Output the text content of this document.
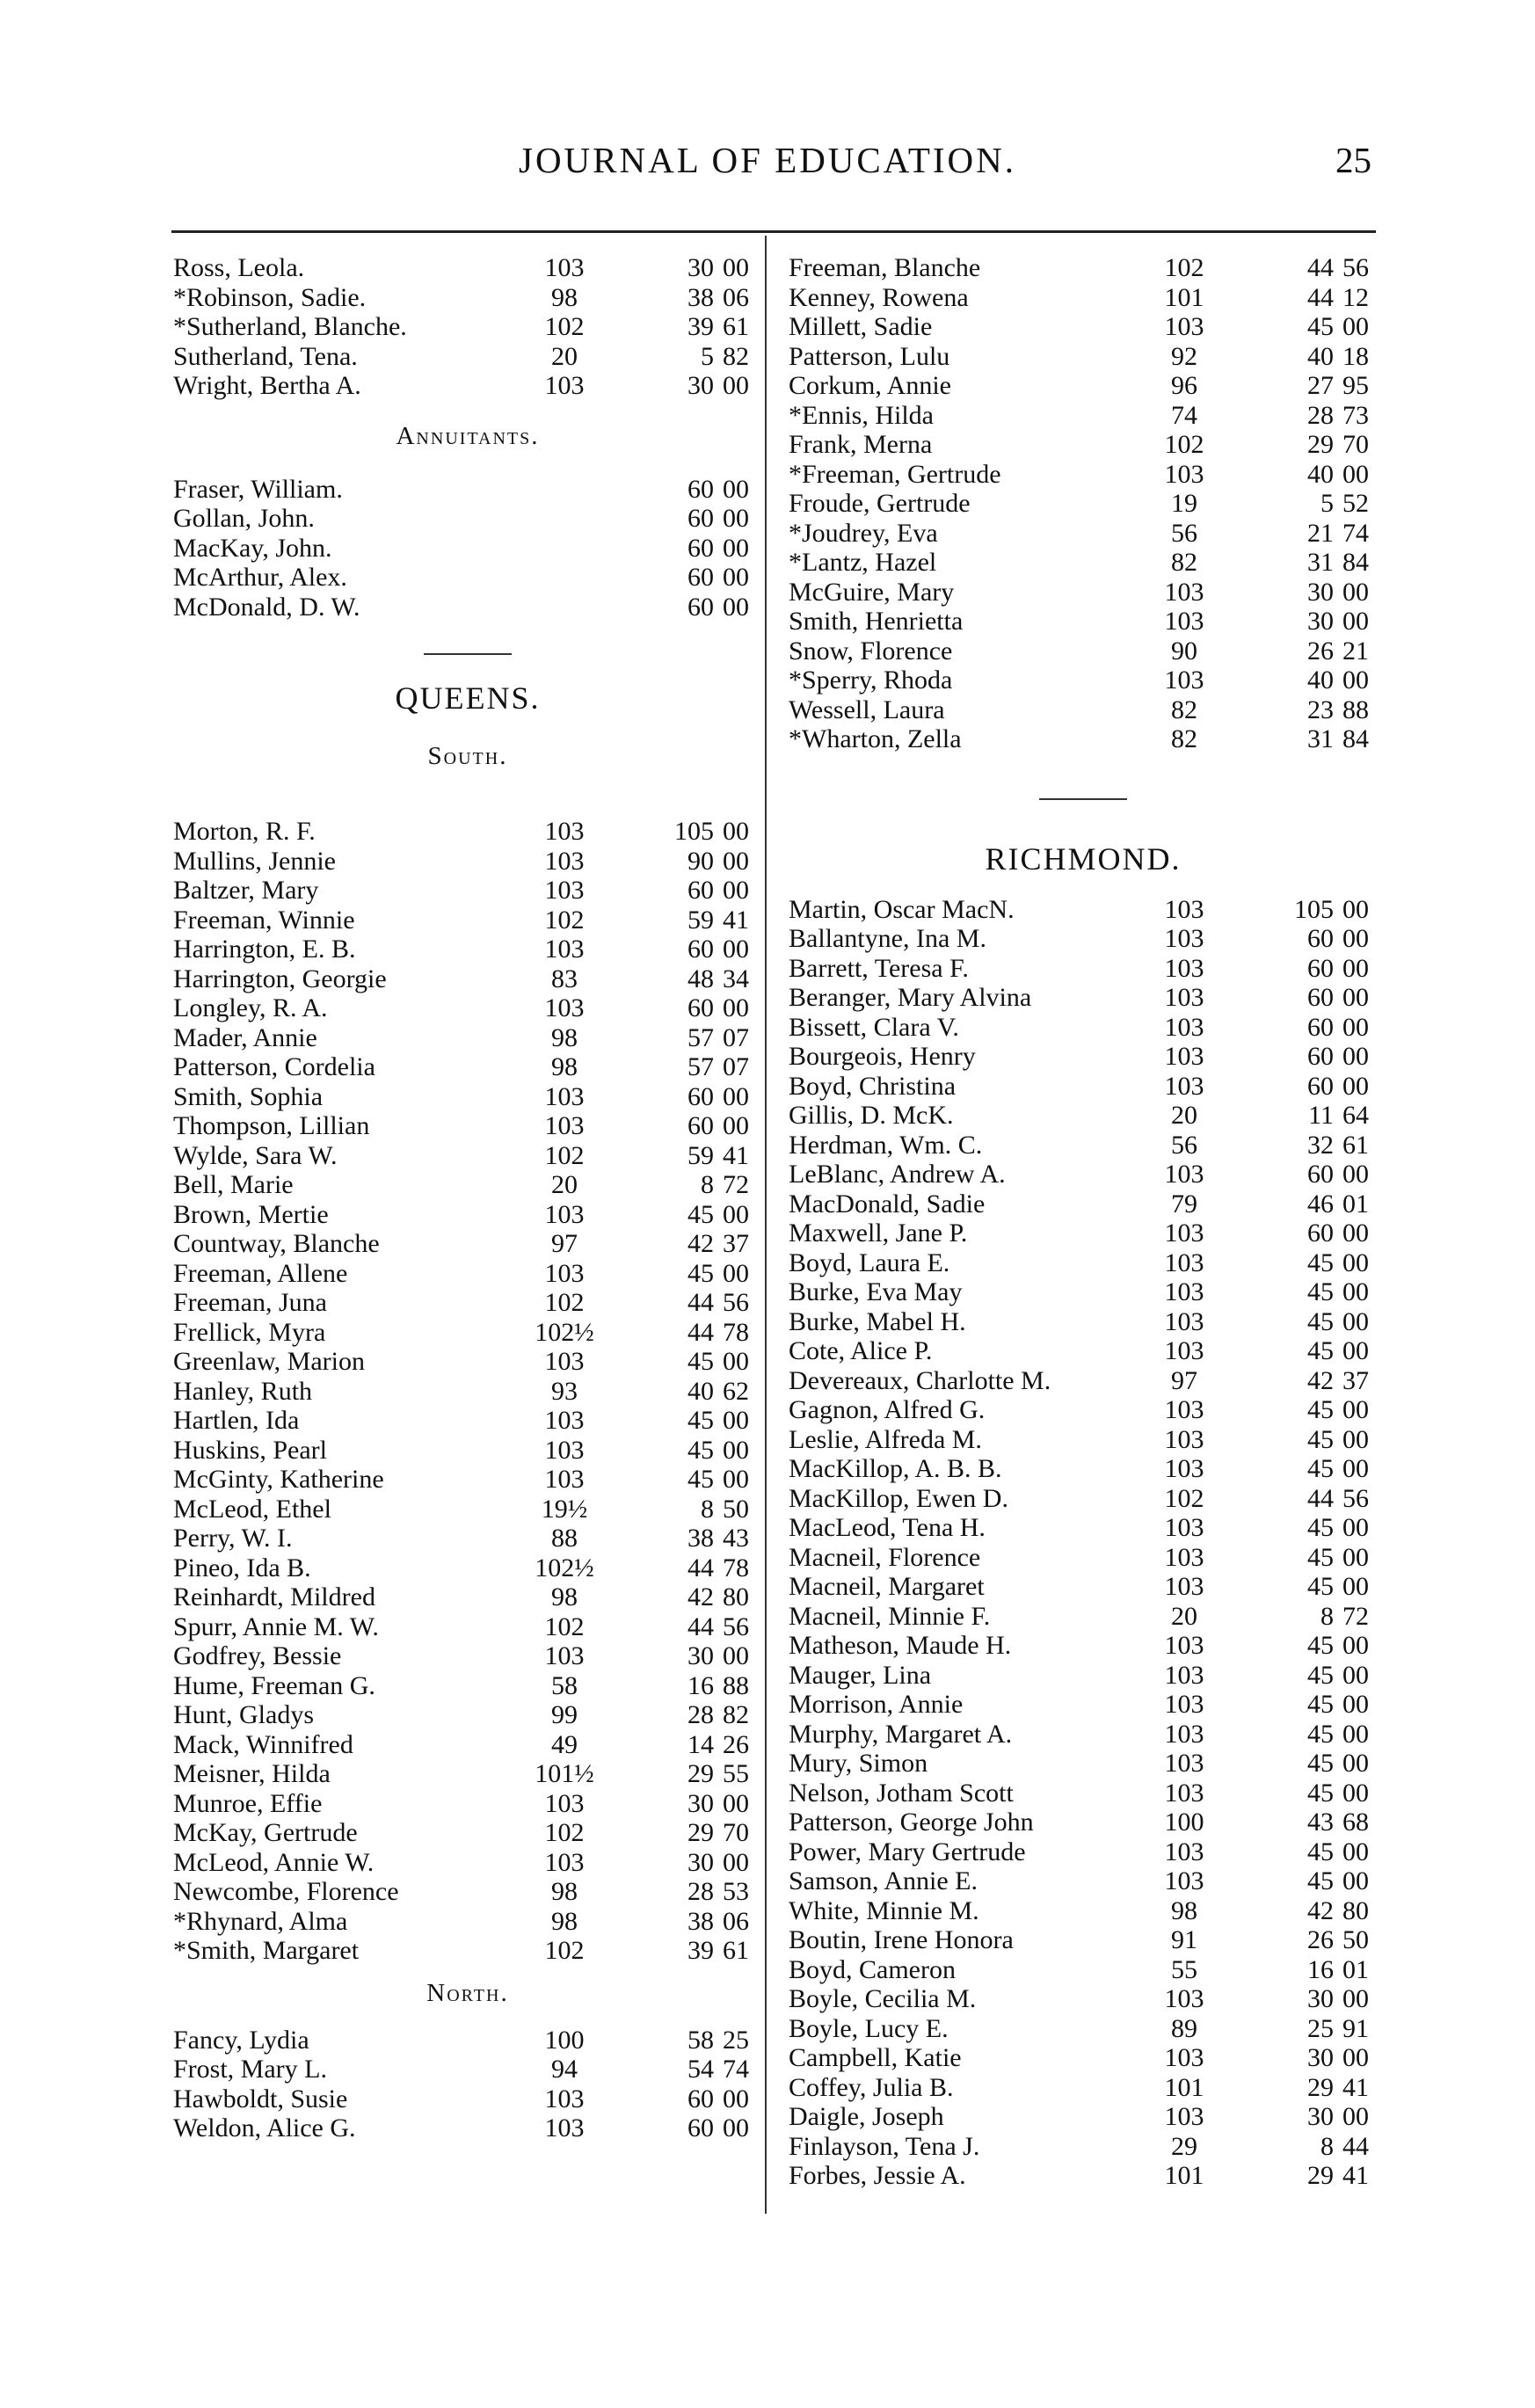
JOURNAL OF EDUCATION.	25
Ross, Leola.	103	30 00
*Robinson, Sadie.	98	38 06
*Sutherland, Blanche.	102	39 61
Sutherland, Tena.	20	5 82
Wright, Bertha A.	103	30 00
Annuitants.
Fraser, William.	60 00
Gollan, John.	60 00
MacKay, John.	60 00
McArthur, Alex.	60 00
McDonald, D. W.	60 00
QUEENS.
South.
Morton, R. F.	103	105 00
Mullins, Jennie	103	90 00
Baltzer, Mary	103	60 00
Freeman, Winnie	102	59 41
Harrington, E. B.	103	60 00
Harrington, Georgie	83	48 34
Longley, R. A.	103	60 00
Mader, Annie	98	57 07
Patterson, Cordelia	98	57 07
Smith, Sophia	103	60 00
Thompson, Lillian	103	60 00
Wylde, Sara W.	102	59 41
Bell, Marie	20	8 72
Brown, Mertie	103	45 00
Countway, Blanche	97	42 37
Freeman, Allene	103	45 00
Freeman, Juna	102	44 56
Frellick, Myra	102½	44 78
Greenlaw, Marion	103	45 00
Hanley, Ruth	93	40 62
Hartlen, Ida	103	45 00
Huskins, Pearl	103	45 00
McGinty, Katherine	103	45 00
McLeod, Ethel	19½	8 50
Perry, W. I.	88	38 43
Pineo, Ida B.	102½	44 78
Reinhardt, Mildred	98	42 80
Spurr, Annie M. W.	102	44 56
Godfrey, Bessie	103	30 00
Hume, Freeman G.	58	16 88
Hunt, Gladys	99	28 82
Mack, Winnifred	49	14 26
Meisner, Hilda	101½	29 55
Munroe, Effie	103	30 00
McKay, Gertrude	102	29 70
McLeod, Annie W.	103	30 00
Newcombe, Florence	98	28 53
*Rhynard, Alma	98	38 06
*Smith, Margaret	102	39 61
North.
Fancy, Lydia	100	58 25
Frost, Mary L.	94	54 74
Hawboldt, Susie	103	60 00
Weldon, Alice G.	103	60 00
Freeman, Blanche	102	44 56
Kenney, Rowena	101	44 12
Millett, Sadie	103	45 00
Patterson, Lulu	92	40 18
Corkum, Annie	96	27 95
*Ennis, Hilda	74	28 73
Frank, Merna	102	29 70
*Freeman, Gertrude	103	40 00
Froude, Gertrude	19	5 52
*Joudrey, Eva	56	21 74
*Lantz, Hazel	82	31 84
McGuire, Mary	103	30 00
Smith, Henrietta	103	30 00
Snow, Florence	90	26 21
*Sperry, Rhoda	103	40 00
Wessell, Laura	82	23 88
*Wharton, Zella	82	31 84
RICHMOND.
Martin, Oscar MacN.	103	105 00
Ballantyne, Ina M.	103	60 00
Barrett, Teresa F.	103	60 00
Beranger, Mary Alvina	103	60 00
Bissett, Clara V.	103	60 00
Bourgeois, Henry	103	60 00
Boyd, Christina	103	60 00
Gillis, D. McK.	20	11 64
Herdman, Wm. C.	56	32 61
LeBlanc, Andrew A.	103	60 00
MacDonald, Sadie	79	46 01
Maxwell, Jane P.	103	60 00
Boyd, Laura E.	103	45 00
Burke, Eva May	103	45 00
Burke, Mabel H.	103	45 00
Cote, Alice P.	103	45 00
Devereaux, Charlotte M.	97	42 37
Gagnon, Alfred G.	103	45 00
Leslie, Alfreda M.	103	45 00
MacKillop, A. B. B.	103	45 00
MacKillop, Ewen D.	102	44 56
MacLeod, Tena H.	103	45 00
Macneil, Florence	103	45 00
Macneil, Margaret	103	45 00
Macneil, Minnie F.	20	8 72
Matheson, Maude H.	103	45 00
Mauger, Lina	103	45 00
Morrison, Annie	103	45 00
Murphy, Margaret A.	103	45 00
Mury, Simon	103	45 00
Nelson, Jotham Scott	103	45 00
Patterson, George John	100	43 68
Power, Mary Gertrude	103	45 00
Samson, Annie E.	103	45 00
White, Minnie M.	98	42 80
Boutin, Irene Honora	91	26 50
Boyd, Cameron	55	16 01
Boyle, Cecilia M.	103	30 00
Boyle, Lucy E.	89	25 91
Campbell, Katie	103	30 00
Coffey, Julia B.	101	29 41
Daigle, Joseph	103	30 00
Finlayson, Tena J.	29	8 44
Forbes, Jessie A.	101	29 41
